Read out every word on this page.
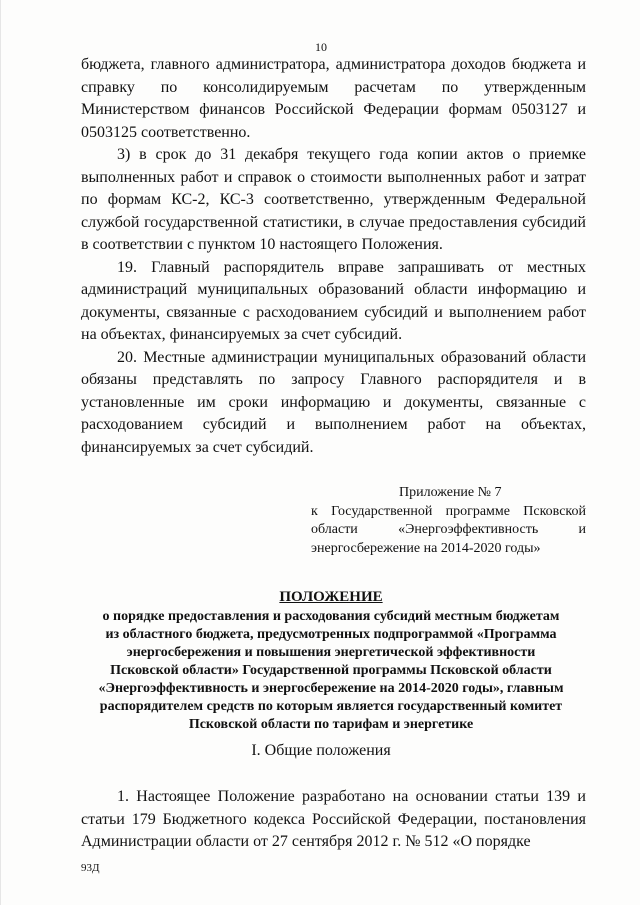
10

бюджета, главного администратора, администратора доходов бюджета и справку по консолидируемым расчетам по утвержденным Министерством финансов Российской Федерации формам 0503127 и 0503125 соответственно.

3) в срок до 31 декабря текущего года копии актов о приемке выполненных работ и справок о стоимости выполненных работ и затрат по формам КС-2, КС-3 соответственно, утвержденным Федеральной службой государственной статистики, в случае предоставления субсидий в соответствии с пунктом 10 настоящего Положения.

19. Главный распорядитель вправе запрашивать от местных администраций муниципальных образований области информацию и документы, связанные с расходованием субсидий и выполнением работ на объектах, финансируемых за счет субсидий.

20. Местные администрации муниципальных образований области обязаны представлять по запросу Главного распорядителя и в установленные им сроки информацию и документы, связанные с расходованием субсидий и выполнением работ на объектах, финансируемых за счет субсидий.

Приложение № 7
к Государственной программе Псковской
области «Энергоэффективность и
энергосбережение на 2014-2020 годы»
ПОЛОЖЕНИЕ
о порядке предоставления и расходования субсидий местным бюджетам
из областного бюджета, предусмотренных подпрограммой «Программа
энергосбережения и повышения энергетической эффективности
Псковской области» Государственной программы Псковской области
«Энергоэффективность и энергосбережение на 2014-2020 годы», главным
распорядителем средств по которым является государственный комитет
Псковской области по тарифам и энергетике
I. Общие положения

1. Настоящее Положение разработано на основании статьи 139 и статьи 179 Бюджетного кодекса Российской Федерации, постановления Администрации области от 27 сентября 2012 г. № 512 «О порядке

93Д
